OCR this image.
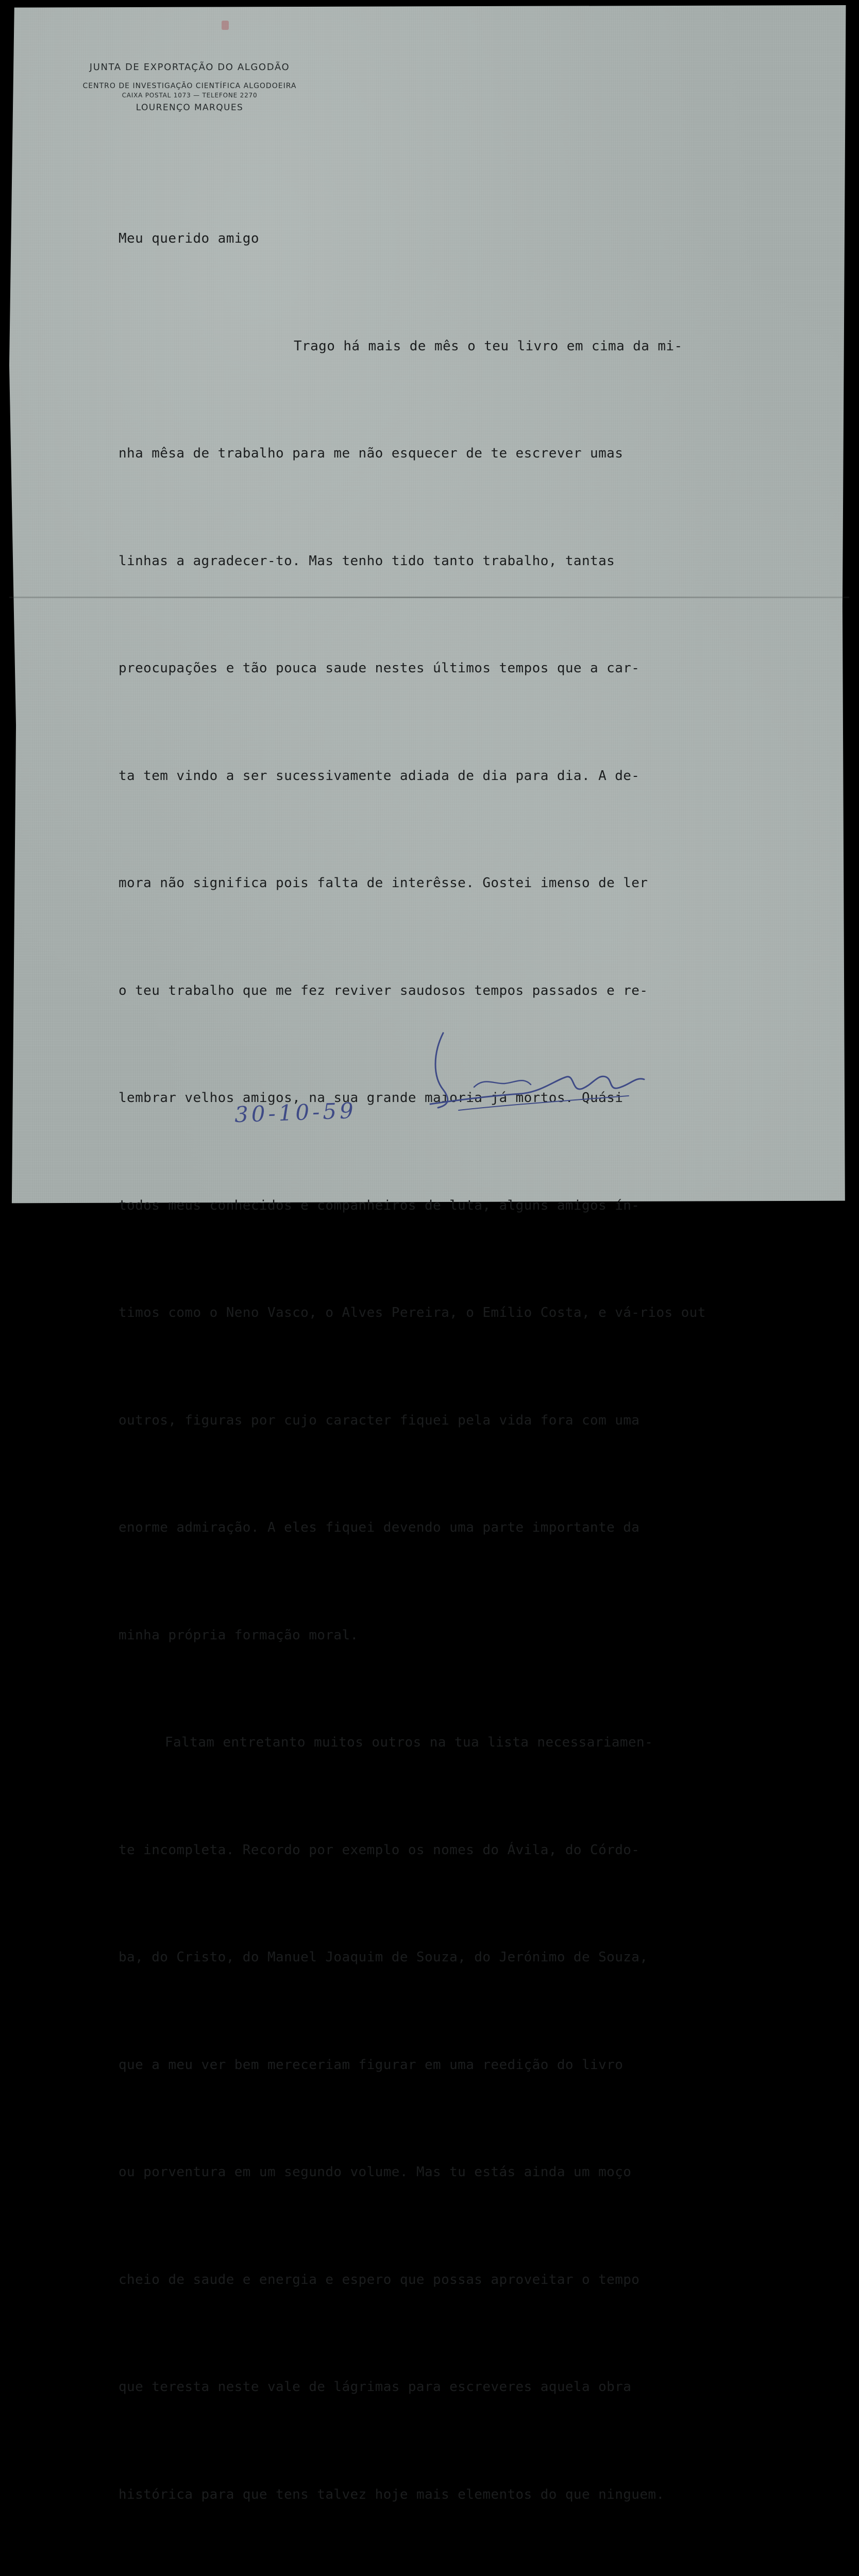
JUNTA DE EXPORTAÇÃO DO ALGODÃO
CENTRO DE INVESTIGAÇÃO CIENTÍFICA ALGODOEIRA
CAIXA POSTAL 1073 — TELEFONE 2270
LOURENÇO MARQUES

Meu querido amigo

Trago há mais de mês o teu livro em cima da mi-

nha mêsa de trabalho para me não esquecer de te escrever umas

linhas a agradecer-to. Mas tenho tido tanto trabalho, tantas

preocupações e tão pouca saude nestes últimos tempos que a car-

ta tem vindo a ser sucessivamente adiada de dia para dia. A de-

mora não significa pois falta de interêsse. Gostei imenso de ler

o teu trabalho que me fez reviver saudosos tempos passados e re-

lembrar velhos amigos, na sua grande maioria já mortos. Quási

todos meus conhecidos e companheiros de luta, alguns amigos ín-

timos como o Neno Vasco, o Alves Pereira, o Emílio Costa, e vá-rios out

outros, figuras por cujo caracter fiquei pela vida fora com uma

enorme admiração. A eles fiquei devendo uma parte importante da

minha própria formação moral.

Faltam entretanto muitos outros na tua lista necessariamen-

te incompleta. Recordo por exemplo os nomes do Ávila, do Córdo-

ba, do Cristo, do Manuel Joaquim de Souza, do Jerónimo de Souza,

que a meu ver bem mereceriam figurar em uma reedição do livro

ou porventura em um segundo volume. Mas tu estás ainda um moço

cheio de saude e energia e espero que possas aproveitar o tempo

que teresta neste vale de lágrimas para escreveres aquela obra

histórica para que tens talvez hoje mais elementos do que ninguem.

30-10-59
